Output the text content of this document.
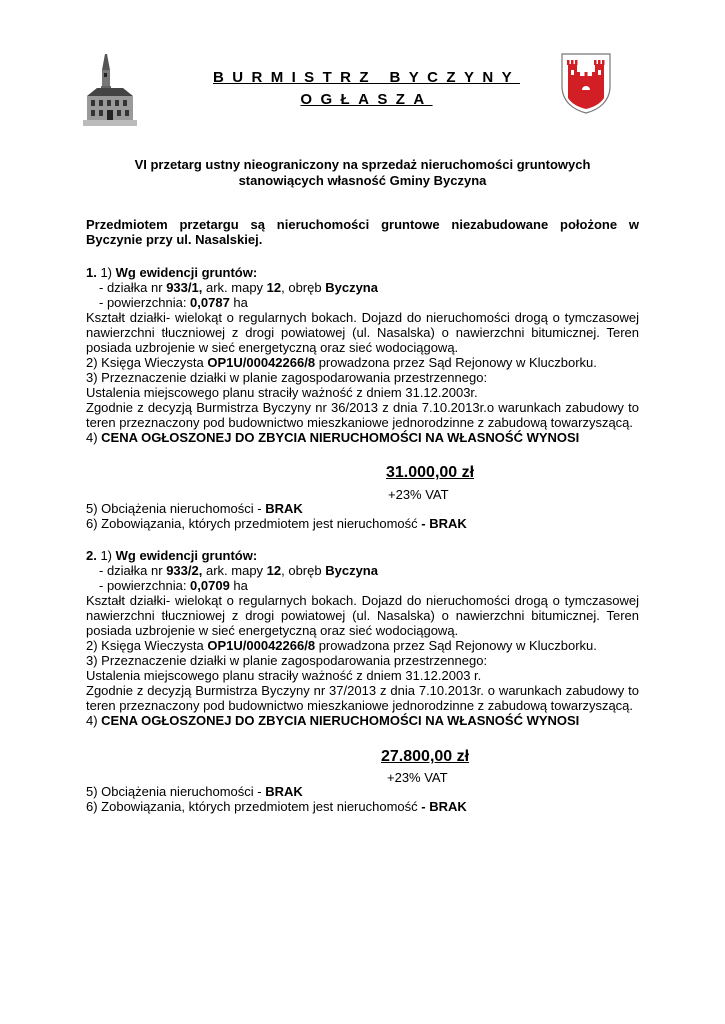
BURMISTRZ BYCZYNY
OGŁASZA
VI przetarg ustny nieograniczony na sprzedaż nieruchomości gruntowych
stanowiących własność Gminy Byczyna
Przedmiotem przetargu są nieruchomości gruntowe niezabudowane położone w Byczynie przy ul. Nasalskiej.
1. 1) Wg ewidencji gruntów:
- działka nr 933/1, ark. mapy 12, obręb Byczyna
- powierzchnia: 0,0787 ha
Kształt działki- wielokąt o regularnych bokach. Dojazd do nieruchomości drogą o tymczasowej nawierzchni tłuczniowej z drogi powiatowej (ul. Nasalska) o nawierzchni bitumicznej. Teren posiada uzbrojenie w sieć energetyczną oraz sieć wodociągową.
2) Księga Wieczysta OP1U/00042266/8 prowadzona przez Sąd Rejonowy w Kluczborku.
3) Przeznaczenie działki w planie zagospodarowania przestrzennego:
Ustalenia miejscowego planu straciły ważność z dniem 31.12.2003r.
Zgodnie z decyzją Burmistrza Byczyny nr 36/2013 z dnia 7.10.2013r.o warunkach zabudowy to teren przeznaczony pod budownictwo mieszkaniowe jednorodzinne z zabudową towarzyszącą.
4) CENA OGŁOSZONEJ DO ZBYCIA NIERUCHOMOŚCI NA WŁASNOŚĆ WYNOSI
31.000,00 zł
+23% VAT
5) Obciążenia nieruchomości - BRAK
6) Zobowiązania, których przedmiotem jest nieruchomość - BRAK
2. 1) Wg ewidencji gruntów:
- działka nr 933/2, ark. mapy 12, obręb Byczyna
- powierzchnia: 0,0709 ha
Kształt działki- wielokąt o regularnych bokach. Dojazd do nieruchomości drogą o tymczasowej nawierzchni tłuczniowej z drogi powiatowej (ul. Nasalska) o nawierzchni bitumicznej. Teren posiada uzbrojenie w sieć energetyczną oraz sieć wodociągową.
2) Księga Wieczysta OP1U/00042266/8 prowadzona przez Sąd Rejonowy w Kluczborku.
3) Przeznaczenie działki w planie zagospodarowania przestrzennego:
Ustalenia miejscowego planu straciły ważność z dniem 31.12.2003 r.
Zgodnie z decyzją Burmistrza Byczyny nr 37/2013 z dnia 7.10.2013r. o warunkach zabudowy to teren przeznaczony pod budownictwo mieszkaniowe jednorodzinne z zabudową towarzyszącą.
4) CENA OGŁOSZONEJ DO ZBYCIA NIERUCHOMOŚCI NA WŁASNOŚĆ WYNOSI
27.800,00 zł
+23% VAT
5) Obciążenia nieruchomości - BRAK
6) Zobowiązania, których przedmiotem jest nieruchomość - BRAK
